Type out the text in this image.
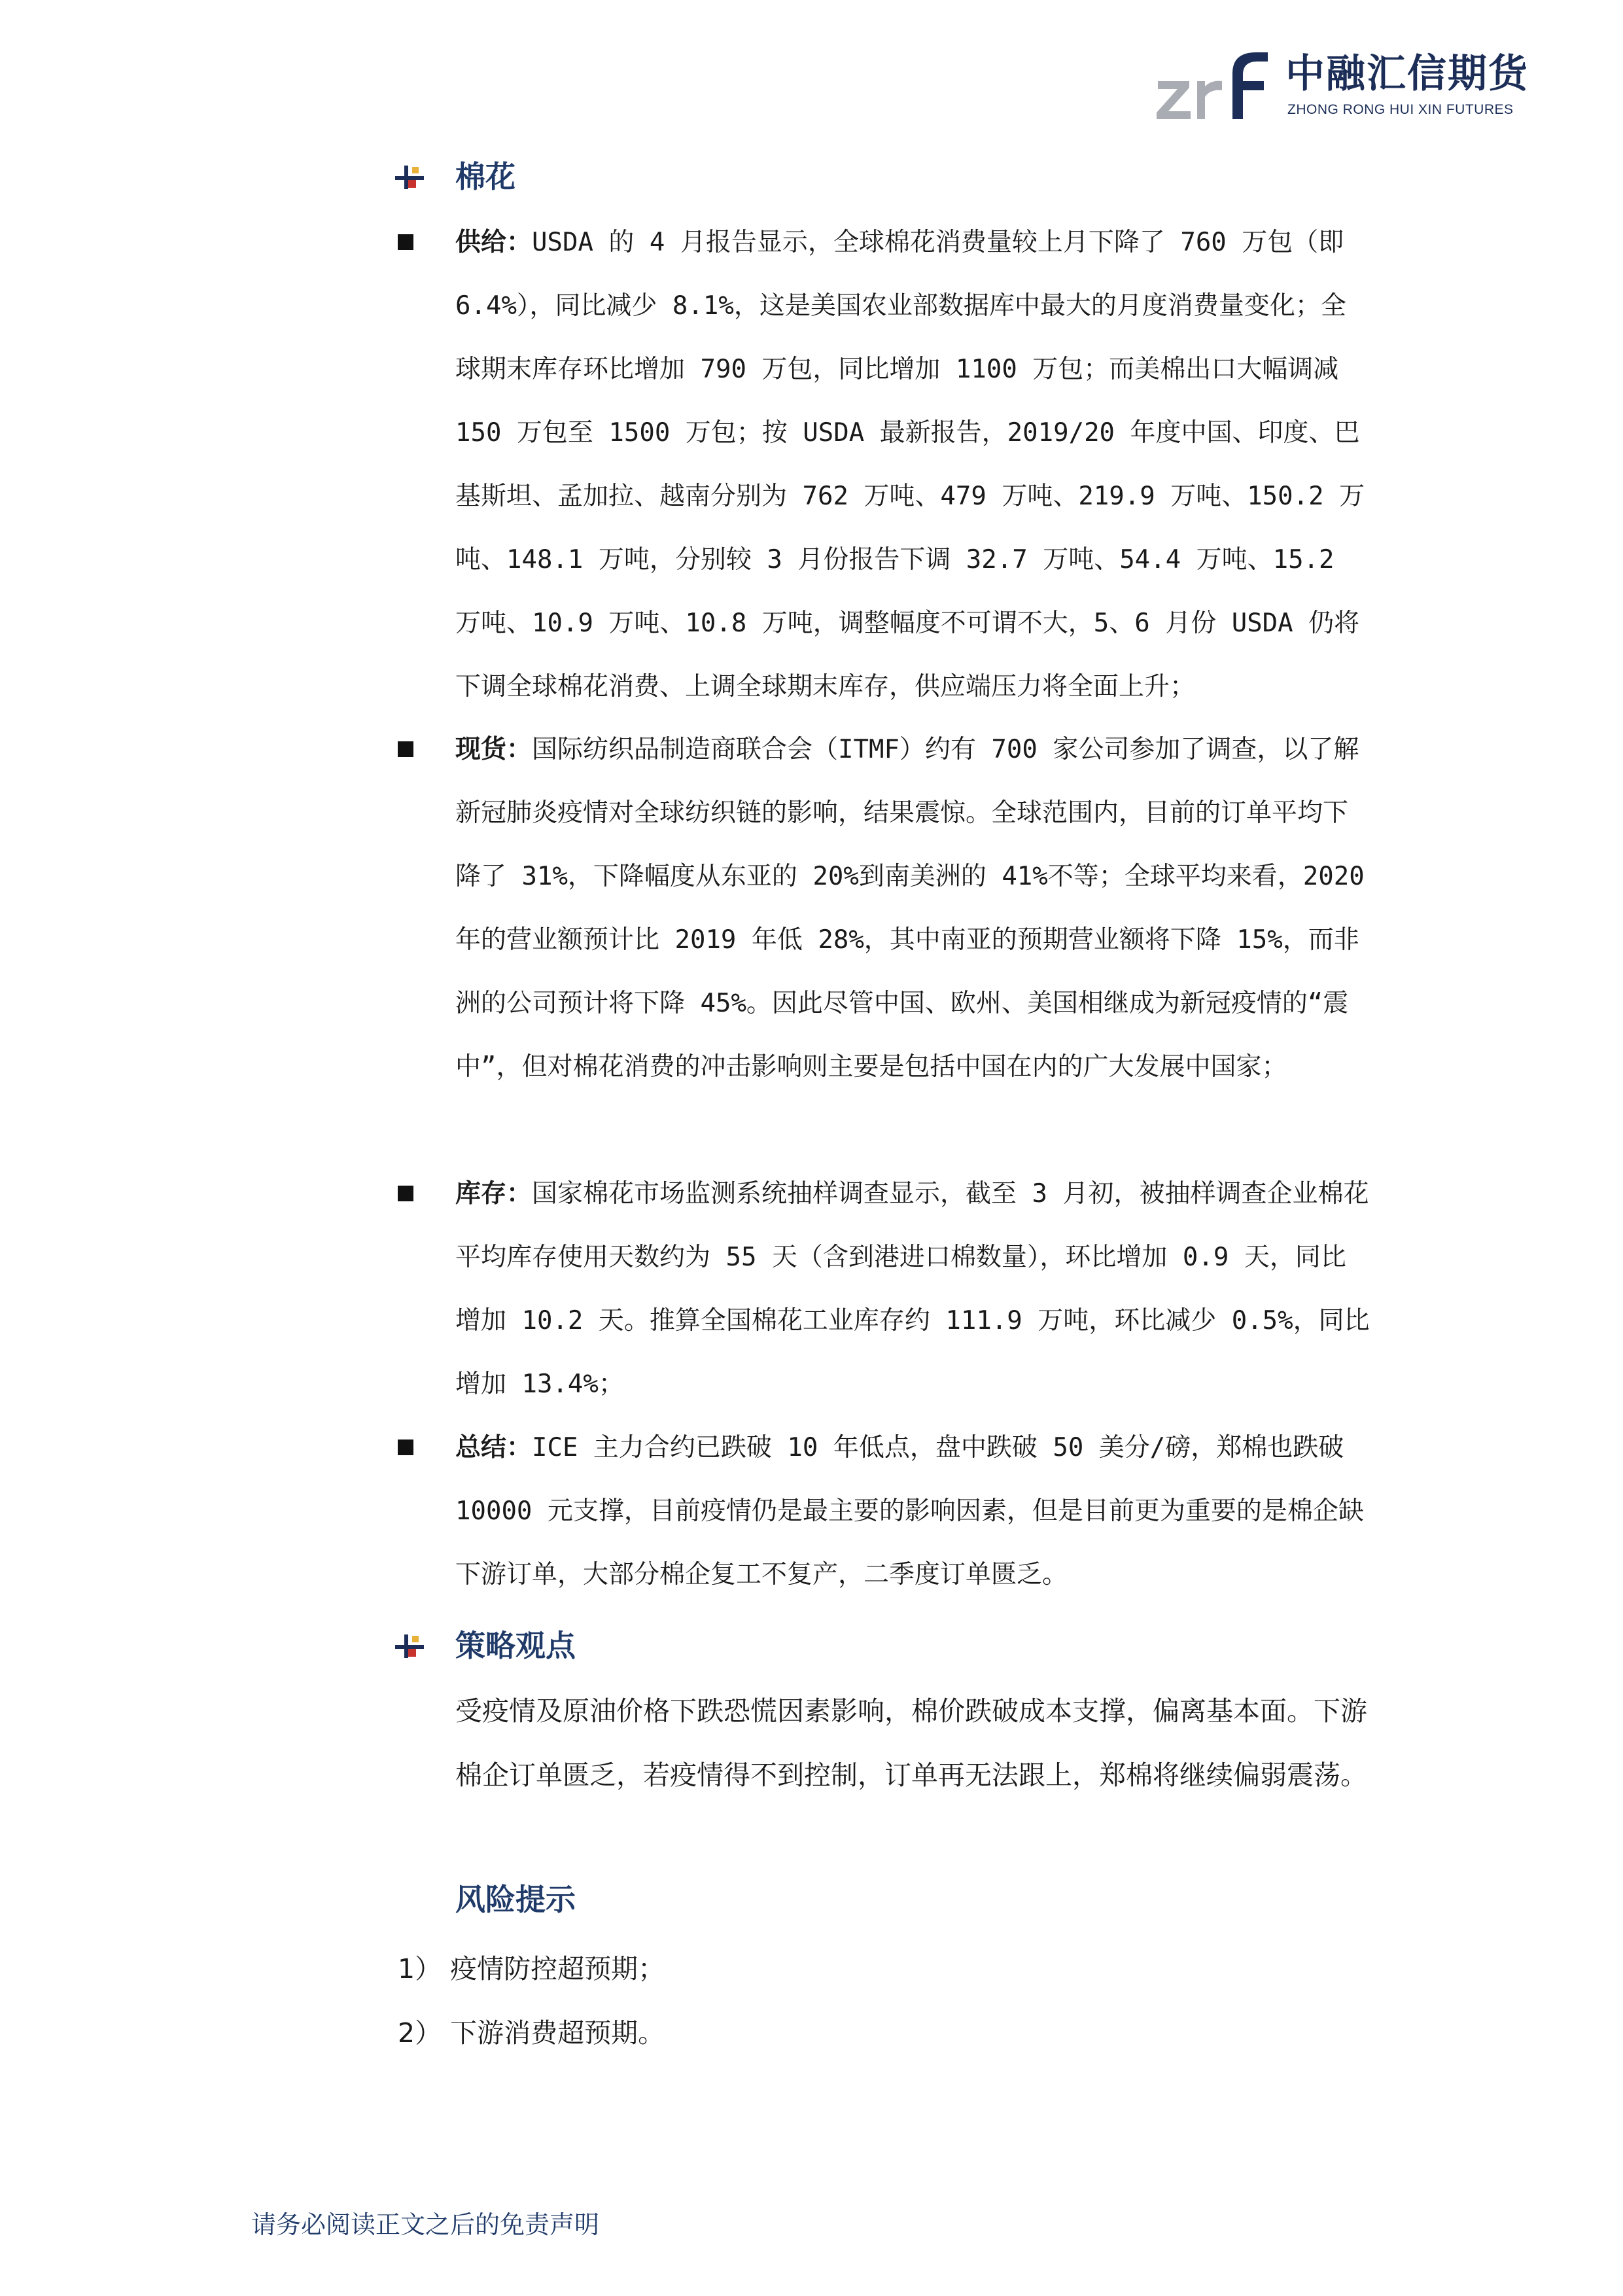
中融汇信期货
ZHONG RONG HUI XIN FUTURES
棉花
供给：USDA 的 4 月报告显示，全球棉花消费量较上月下降了 760 万包（即 6.4%），同比减少 8.1%，这是美国农业部数据库中最大的月度消费量变化；全球期末库存环比增加 790 万包，同比增加 1100 万包；而美棉出口大幅调减 150 万包至 1500 万包；按 USDA 最新报告，2019/20 年度中国、印度、巴基斯坦、孟加拉、越南分别为 762 万吨、479 万吨、219.9 万吨、150.2 万吨、148.1 万吨，分别较 3 月份报告下调 32.7 万吨、54.4 万吨、15.2 万吨、10.9 万吨、10.8 万吨，调整幅度不可谓不大，5、6 月份 USDA 仍将下调全球棉花消费、上调全球期末库存，供应端压力将全面上升；
现货：国际纺织品制造商联合会（ITMF）约有 700 家公司参加了调查，以了解新冠肺炎疫情对全球纺织链的影响，结果震惊。全球范围内，目前的订单平均下降了 31%，下降幅度从东亚的 20%到南美洲的 41%不等；全球平均来看，2020 年的营业额预计比 2019 年低 28%，其中南亚的预期营业额将下降 15%，而非洲的公司预计将下降 45%。因此尽管中国、欧州、美国相继成为新冠疫情的“震中”，但对棉花消费的冲击影响则主要是包括中国在内的广大发展中国家；
库存：国家棉花市场监测系统抽样调查显示，截至 3 月初，被抽样调查企业棉花平均库存使用天数约为 55 天（含到港进口棉数量），环比增加 0.9 天，同比增加 10.2 天。推算全国棉花工业库存约 111.9 万吨，环比减少 0.5%，同比增加 13.4%；
总结：ICE 主力合约已跌破 10 年低点，盘中跌破 50 美分/磅，郑棉也跌破 10000 元支撑，目前疫情仍是最主要的影响因素，但是目前更为重要的是棉企缺下游订单，大部分棉企复工不复产，二季度订单匮乏。
策略观点
受疫情及原油价格下跌恐慌因素影响，棉价跌破成本支撑，偏离基本面。下游棉企订单匮乏，若疫情得不到控制，订单再无法跟上，郑棉将继续偏弱震荡。
风险提示
1） 疫情防控超预期；
2） 下游消费超预期。
请务必阅读正文之后的免责声明
